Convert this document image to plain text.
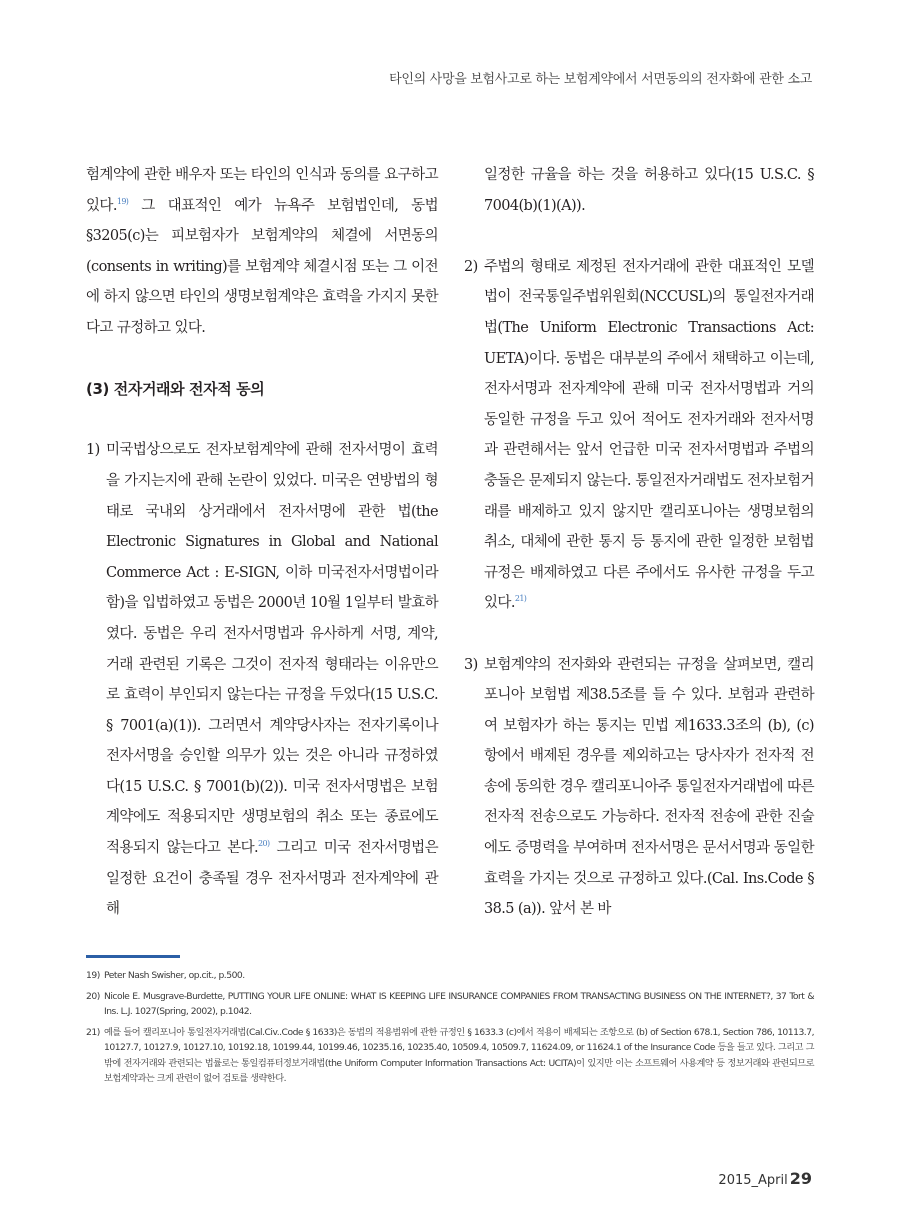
타인의 사망을 보험사고로 하는 보험계약에서 서면동의의 전자화에 관한 소고

험계약에 관한 배우자 또는 타인의 인식과 동의를 요구하고 있다.$^{19)}$ 그 대표적인 예가 뉴욕주 보험법인데, 동법 §3205(c)는 피보험자가 보험계약의 체결에 서면동의(consents in writing)를 보험계약 체결시점 또는 그 이전에 하지 않으면 타인의 생명보험계약은 효력을 가지지 못한다고 규정하고 있다.

(3) 전자거래와 전자적 동의

1) 미국법상으로도 전자보험계약에 관해 전자서명이 효력을 가지는지에 관해 논란이 있었다. 미국은 연방법의 형태로 국내외 상거래에서 전자서명에 관한 법(the Electronic Signatures in Global and National Commerce Act : E-SIGN, 이하 미국전자서명법이라 함)을 입법하였고 동법은 2000년 10월 1일부터 발효하였다. 동법은 우리 전자서명법과 유사하게 서명, 계약, 거래 관련된 기록은 그것이 전자적 형태라는 이유만으로 효력이 부인되지 않는다는 규정을 두었다(15 U.S.C. § 7001(a)(1)). 그러면서 계약당사자는 전자기록이나 전자서명을 승인할 의무가 있는 것은 아니라 규정하였다(15 U.S.C. § 7001(b)(2)). 미국 전자서명법은 보험계약에도 적용되지만 생명보험의 취소 또는 종료에도 적용되지 않는다고 본다.$^{20)}$ 그리고 미국 전자서명법은 일정한 요건이 충족될 경우 전자서명과 전자계약에 관해

일정한 규율을 하는 것을 허용하고 있다(15 U.S.C. § 7004(b)(1)(A)).

2) 주법의 형태로 제정된 전자거래에 관한 대표적인 모델법이 전국통일주법위원회(NCCUSL)의 통일전자거래법(The Uniform Electronic Transactions Act: UETA)이다. 동법은 대부분의 주에서 채택하고 이는데, 전자서명과 전자계약에 관해 미국 전자서명법과 거의 동일한 규정을 두고 있어 적어도 전자거래와 전자서명과 관련해서는 앞서 언급한 미국 전자서명법과 주법의 충돌은 문제되지 않는다. 통일전자거래법도 전자보험거래를 배제하고 있지 않지만 캘리포니아는 생명보험의 취소, 대체에 관한 통지 등 통지에 관한 일정한 보험법 규정은 배제하였고 다른 주에서도 유사한 규정을 두고 있다.$^{21)}$

3) 보험계약의 전자화와 관련되는 규정을 살펴보면, 캘리포니아 보험법 제38.5조를 들 수 있다. 보험과 관련하여 보험자가 하는 통지는 민법 제1633.3조의 (b), (c)항에서 배제된 경우를 제외하고는 당사자가 전자적 전송에 동의한 경우 캘리포니아주 통일전자거래법에 따른 전자적 전송으로도 가능하다. 전자적 전송에 관한 진술에도 증명력을 부여하며 전자서명은 문서서명과 동일한 효력을 가지는 것으로 규정하고 있다.(Cal. Ins.Code § 38.5 (a)). 앞서 본 바

19) Peter Nash Swisher, op.cit., p.500.

20) Nicole E. Musgrave-Burdette, PUTTING YOUR LIFE ONLINE: WHAT IS KEEPING LIFE INSURANCE COMPANIES FROM TRANSACTING BUSINESS ON THE INTERNET?, 37 Tort & Ins. L.J. 1027(Spring, 2002), p.1042.

21) 예를 들어 캘리포니아 통일전자거래법(Cal.Civ..Code § 1633)은 동법의 적용범위에 관한 규정인 § 1633.3 (c)에서 적용이 배제되는 조항으로 (b) of Section 678.1, Section 786, 10113.7, 10127.7, 10127.9, 10127.10, 10192.18, 10199.44, 10199.46, 10235.16, 10235.40, 10509.4, 10509.7, 11624.09, or 11624.1 of the Insurance Code 등을 들고 있다. 그리고 그밖에 전자거래와 관련되는 법률로는 통일컴퓨터정보거래법(the Uniform Computer Information Transactions Act: UCITA)이 있지만 이는 소프트웨어 사용계약 등 정보거래와 관련되므로 보험계약과는 크게 관련이 없어 검토를 생략한다.

2015_April 29
